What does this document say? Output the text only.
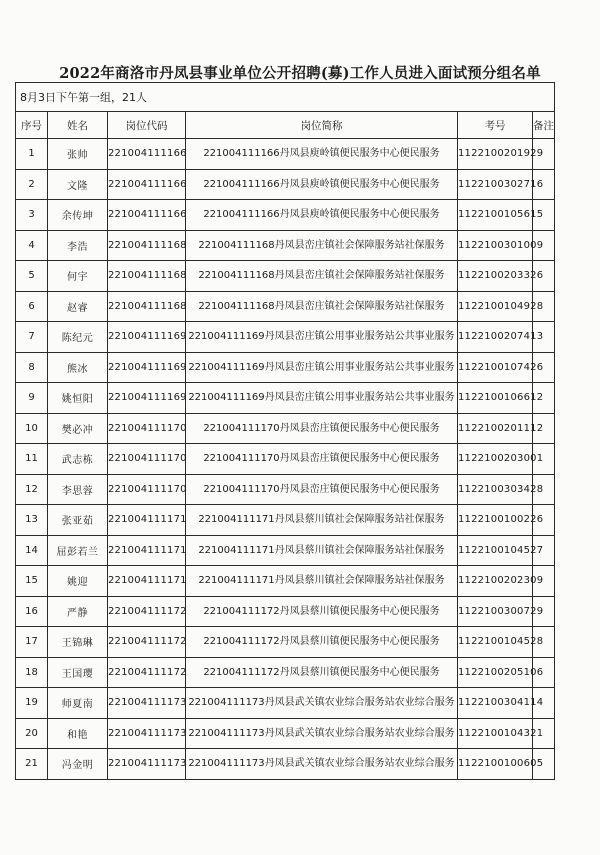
2022年商洛市丹凤县事业单位公开招聘(募)工作人员进入面试预分组名单
8月3日下午第一组，21人					
序号	姓名	岗位代码	岗位简称	考号	备注
1	张帅	221004111166	221004111166丹凤县庾岭镇便民服务中心便民服务	1122100201929	
2	文隆	221004111166	221004111166丹凤县庾岭镇便民服务中心便民服务	1122100302716	
3	余传坤	221004111166	221004111166丹凤县庾岭镇便民服务中心便民服务	1122100105615	
4	李浩	221004111168	221004111168丹凤县峦庄镇社会保障服务站社保服务	1122100301009	
5	何宇	221004111168	221004111168丹凤县峦庄镇社会保障服务站社保服务	1122100203326	
6	赵睿	221004111168	221004111168丹凤县峦庄镇社会保障服务站社保服务	1122100104928	
7	陈纪元	221004111169	221004111169丹凤县峦庄镇公用事业服务站公共事业服务	1122100207413	
8	熊冰	221004111169	221004111169丹凤县峦庄镇公用事业服务站公共事业服务	1122100107426	
9	姚恒阳	221004111169	221004111169丹凤县峦庄镇公用事业服务站公共事业服务	1122100106612	
10	樊必冲	221004111170	221004111170丹凤县峦庄镇便民服务中心便民服务	1122100201112	
11	武志栋	221004111170	221004111170丹凤县峦庄镇便民服务中心便民服务	1122100203001	
12	李思蓉	221004111170	221004111170丹凤县峦庄镇便民服务中心便民服务	1122100303428	
13	张亚茹	221004111171	221004111171丹凤县蔡川镇社会保障服务站社保服务	1122100100226	
14	屈彭若兰	221004111171	221004111171丹凤县蔡川镇社会保障服务站社保服务	1122100104527	
15	姚迎	221004111171	221004111171丹凤县蔡川镇社会保障服务站社保服务	1122100202309	
16	严静	221004111172	221004111172丹凤县蔡川镇便民服务中心便民服务	1122100300729	
17	王锦琳	221004111172	221004111172丹凤县蔡川镇便民服务中心便民服务	1122100104528	
18	王国璎	221004111172	221004111172丹凤县蔡川镇便民服务中心便民服务	1122100205106	
19	师夏南	221004111173	221004111173丹凤县武关镇农业综合服务站农业综合服务	1122100304114	
20	和艳	221004111173	221004111173丹凤县武关镇农业综合服务站农业综合服务	1122100104321	
21	冯金明	221004111173	221004111173丹凤县武关镇农业综合服务站农业综合服务	1122100100605	
